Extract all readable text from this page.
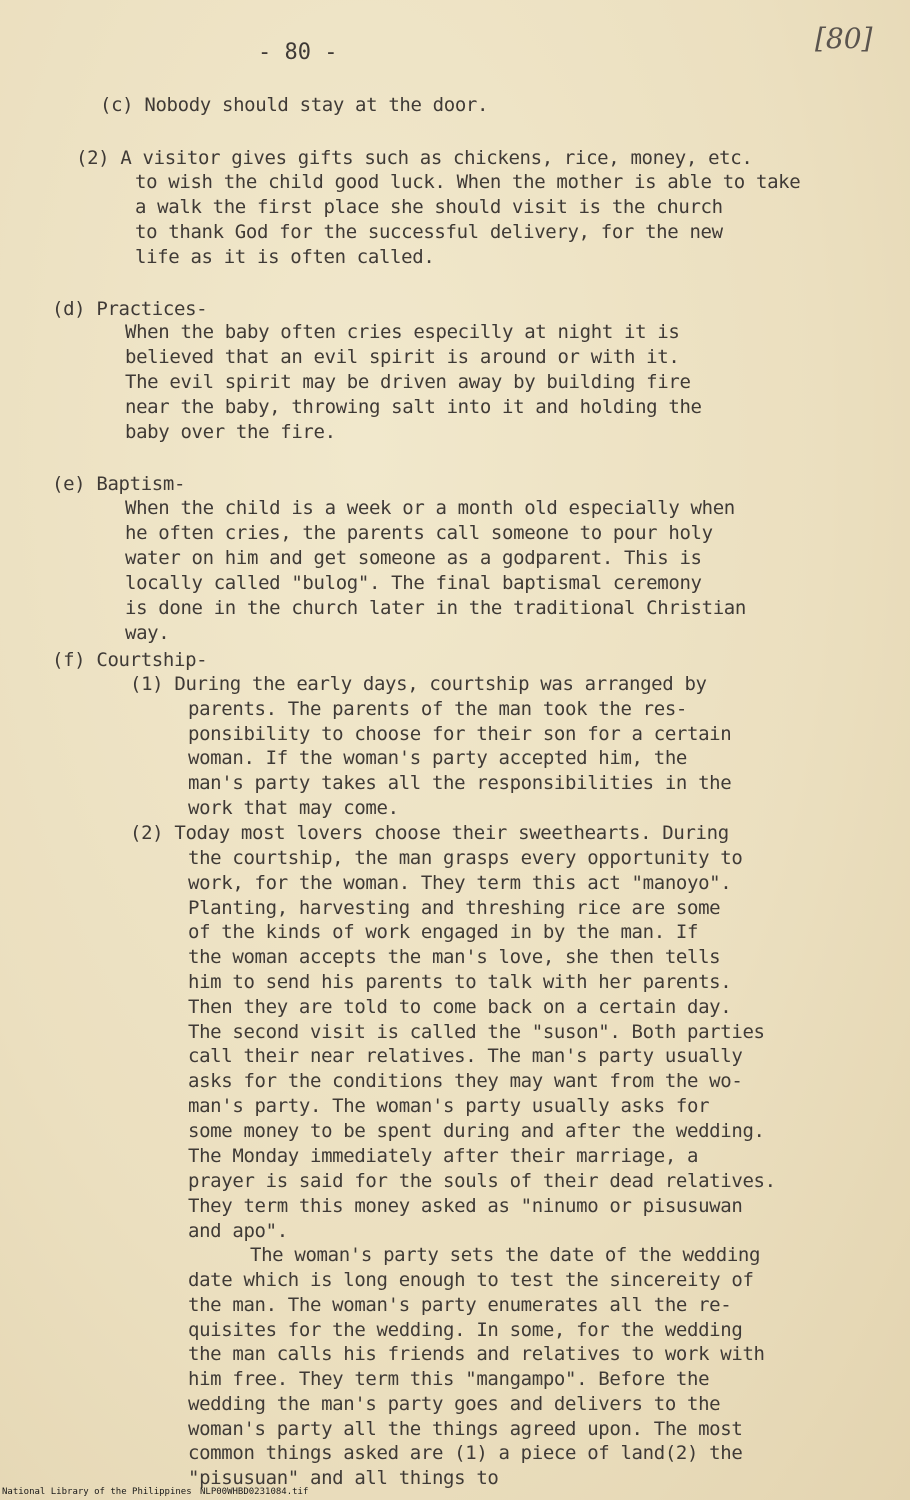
- 80 -	[80]
(c) Nobody should stay at the door.
(2) A visitor gives gifts such as chickens, rice, money, etc.
to wish the child good luck. When the mother is able to take
a walk the first place she should visit is the church
to thank God for the successful delivery, for the new
life as it is often called.
(d) Practices-
When the baby often cries especilly at night it is
believed that an evil spirit is around or with it.
The evil spirit may be driven away by building fire
near the baby, throwing salt into it and holding the
baby over the fire.
(e) Baptism-
When the child is a week or a month old especially when
he often cries, the parents call someone to pour holy
water on him and get someone as a godparent. This is
locally called "bulog". The final baptismal ceremony
is done in the church later in the traditional Christian
way.
(f) Courtship-
(1) During the early days, courtship was arranged by
parents. The parents of the man took the res-
ponsibility to choose for their son for a certain
woman. If the woman's party accepted him, the
man's party takes all the responsibilities in the
work that may come.
(2) Today most lovers choose their sweethearts. During
the courtship, the man grasps every opportunity to
work, for the woman. They term this act "manoyo".
Planting, harvesting and threshing rice are some
of the kinds of work engaged in by the man. If
the woman accepts the man's love, she then tells
him to send his parents to talk with her parents.
Then they are told to come back on a certain day.
The second visit is called the "suson". Both parties
call their near relatives. The man's party usually
asks for the conditions they may want from the wo-
man's party. The woman's party usually asks for
some money to be spent during and after the wedding.
The Monday immediately after their marriage, a
prayer is said for the souls of their dead relatives.
They term this money asked as "ninumo or pisusuwan
and apo".
The woman's party sets the date of the wedding
date which is long enough to test the sincereity of
the man. The woman's party enumerates all the re-
quisites for the wedding. In some, for the wedding
the man calls his friends and relatives to work with
him free. They term this "mangampo". Before the
wedding the man's party goes and delivers to the
woman's party all the things agreed upon. The most
common things asked are (1) a piece of land(2) the
"pisusuan" and all things to
National Library of the Philippines NLP00WHBD0231084.tif
